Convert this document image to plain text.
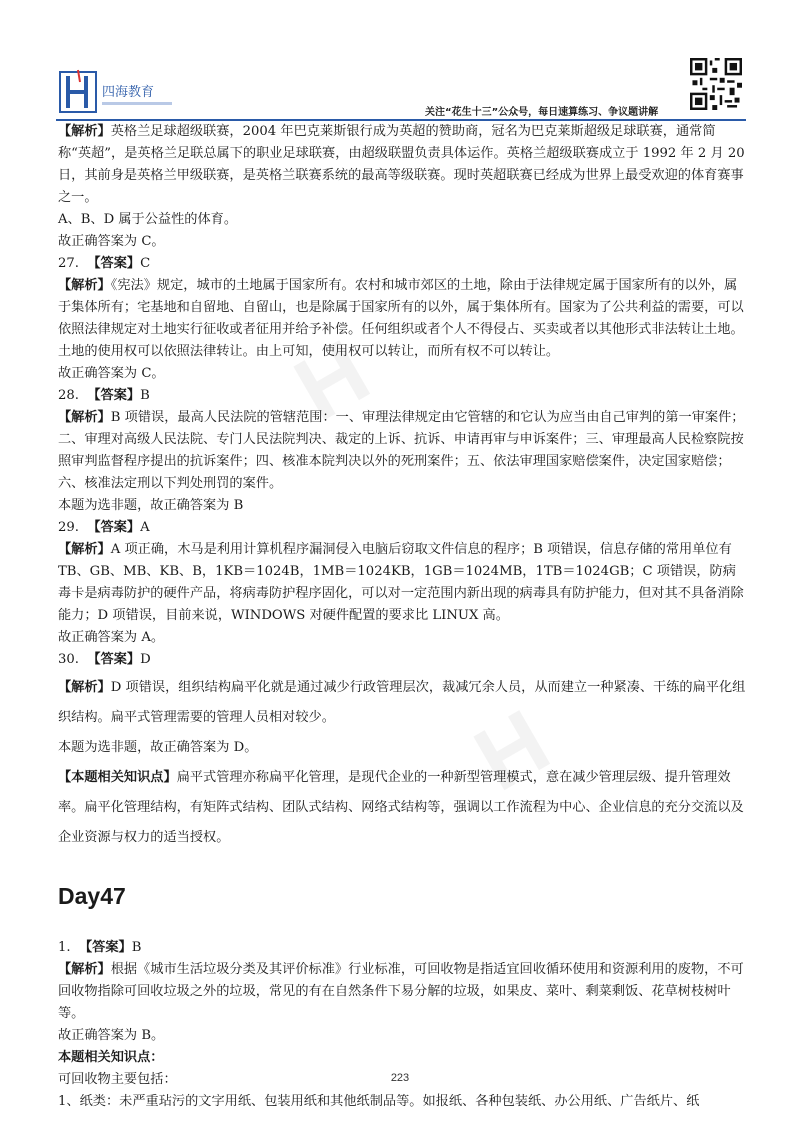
四海教育
关注“花生十三”公众号，每日速算练习、争议题讲解
H
H

【解析】英格兰足球超级联赛，2004 年巴克莱斯银行成为英超的赞助商，冠名为巴克莱斯超级足球联赛，通常简称“英超”，是英格兰足联总属下的职业足球联赛，由超级联盟负责具体运作。英格兰超级联赛成立于 1992 年 2 月 20 日，其前身是英格兰甲级联赛，是英格兰联赛系统的最高等级联赛。现时英超联赛已经成为世界上最受欢迎的体育赛事之一。

A、B、D 属于公益性的体育。

故正确答案为 C。

27. 【答案】C

【解析】《宪法》规定，城市的土地属于国家所有。农村和城市郊区的土地，除由于法律规定属于国家所有的以外，属于集体所有；宅基地和自留地、自留山，也是除属于国家所有的以外，属于集体所有。国家为了公共利益的需要，可以依照法律规定对土地实行征收或者征用并给予补偿。任何组织或者个人不得侵占、买卖或者以其他形式非法转让土地。土地的使用权可以依照法律转让。由上可知，使用权可以转让，而所有权不可以转让。

故正确答案为 C。

28. 【答案】B

【解析】B 项错误，最高人民法院的管辖范围：一、审理法律规定由它管辖的和它认为应当由自己审判的第一审案件；二、审理对高级人民法院、专门人民法院判决、裁定的上诉、抗诉、申请再审与申诉案件；三、审理最高人民检察院按照审判监督程序提出的抗诉案件；四、核准本院判决以外的死刑案件；五、依法审理国家赔偿案件，决定国家赔偿；六、核准法定刑以下判处刑罚的案件。

本题为选非题，故正确答案为 B

29. 【答案】A

【解析】A 项正确，木马是利用计算机程序漏洞侵入电脑后窃取文件信息的程序；B 项错误，信息存储的常用单位有 TB、GB、MB、KB、B，1KB＝1024B，1MB＝1024KB，1GB＝1024MB，1TB＝1024GB；C 项错误，防病毒卡是病毒防护的硬件产品，将病毒防护程序固化，可以对一定范围内新出现的病毒具有防护能力，但对其不具备消除能力；D 项错误，目前来说，WINDOWS 对硬件配置的要求比 LINUX 高。

故正确答案为 A。

30. 【答案】D

【解析】D 项错误，组织结构扁平化就是通过减少行政管理层次，裁减冗余人员，从而建立一种紧凑、干练的扁平化组织结构。扁平式管理需要的管理人员相对较少。

本题为选非题，故正确答案为 D。

【本题相关知识点】扁平式管理亦称扁平化管理，是现代企业的一种新型管理模式，意在减少管理层级、提升管理效率。扁平化管理结构，有矩阵式结构、团队式结构、网络式结构等，强调以工作流程为中心、企业信息的充分交流以及企业资源与权力的适当授权。

Day47

1. 【答案】B

【解析】根据《城市生活垃圾分类及其评价标准》行业标准，可回收物是指适宜回收循环使用和资源利用的废物，不可回收物指除可回收垃圾之外的垃圾，常见的有在自然条件下易分解的垃圾，如果皮、菜叶、剩菜剩饭、花草树枝树叶等。

故正确答案为 B。

本题相关知识点：

可回收物主要包括：

1、纸类：未严重玷污的文字用纸、包装用纸和其他纸制品等。如报纸、各种包装纸、办公用纸、广告纸片、纸

223
